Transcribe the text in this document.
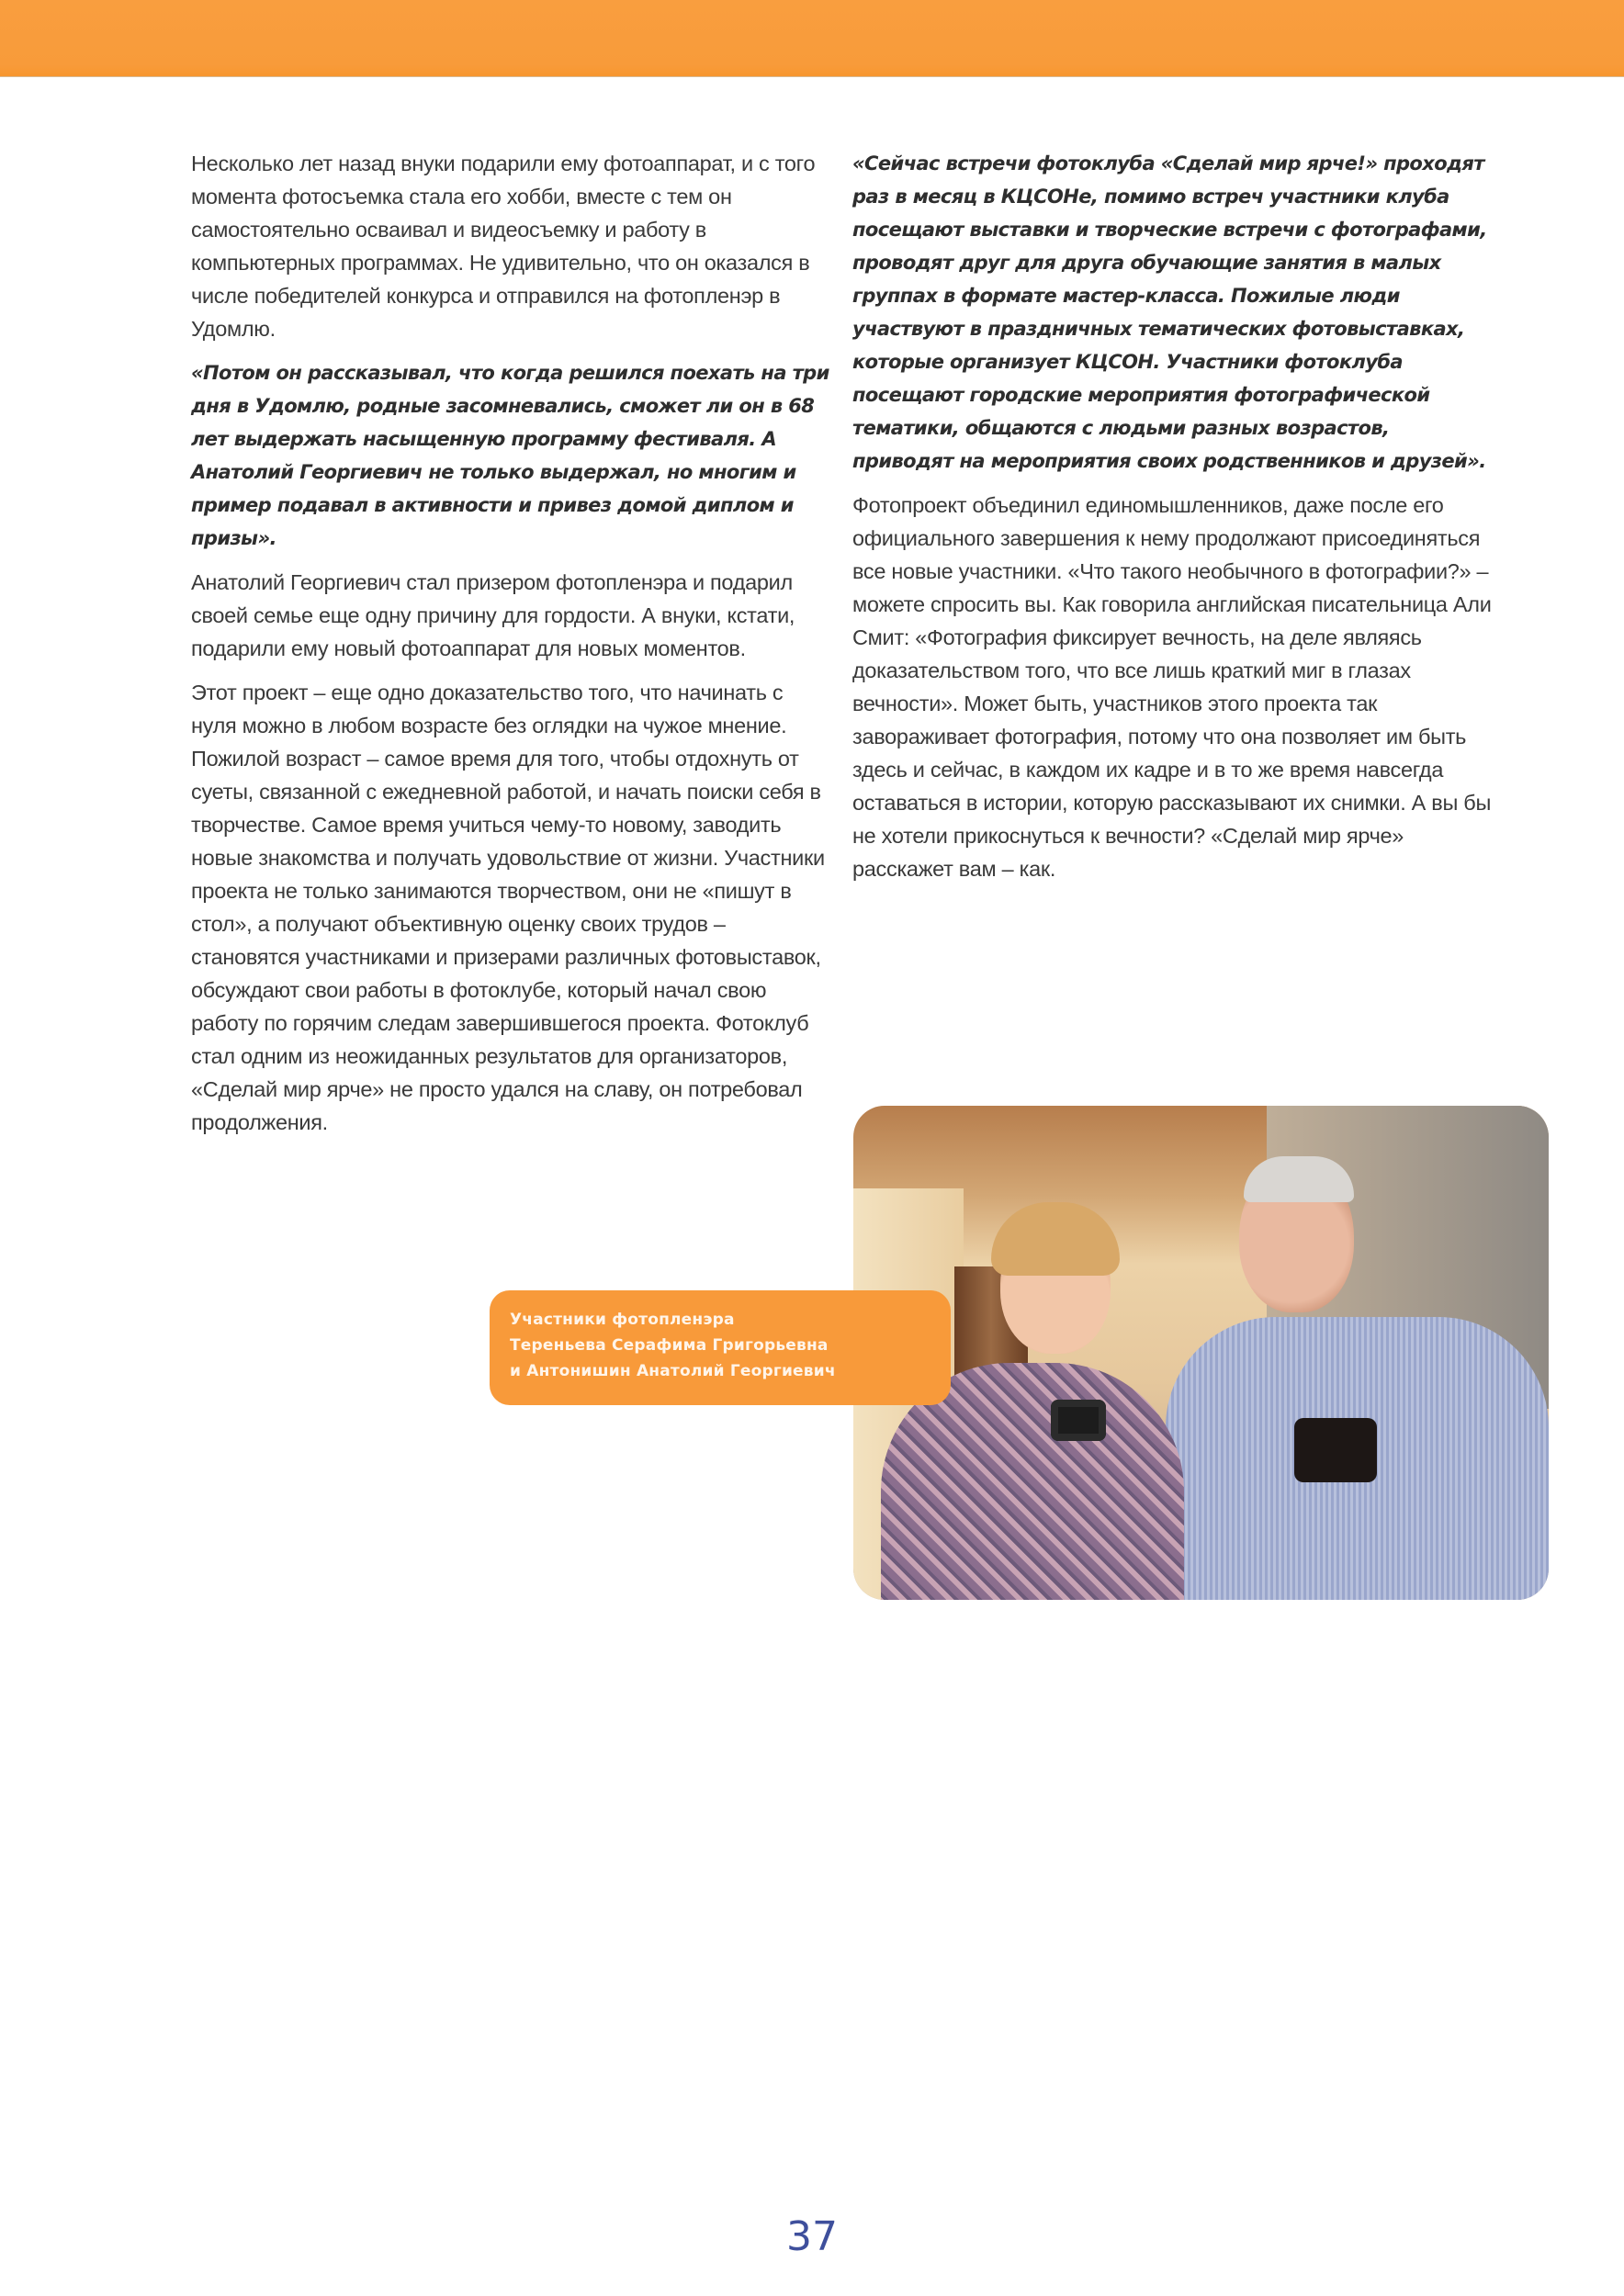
Несколько лет назад внуки подарили ему фотоаппарат, и с того момента фотосъемка стала его хобби, вместе с тем он самостоятельно осваивал и видеосъемку и работу в компьютерных программах. Не удивительно, что он оказался в числе победителей конкурса и отправился на фотопленэр в Удомлю.

«Потом он рассказывал, что когда решился поехать на три дня в Удомлю, родные засомневались, сможет ли он в 68 лет выдержать насыщенную программу фестиваля. А Анатолий Георгиевич не только выдержал, но многим и пример подавал в активности и привез домой диплом и призы».

Анатолий Георгиевич стал призером фотопленэра и подарил своей семье еще одну причину для гордости. А внуки, кстати, подарили ему новый фотоаппарат для новых моментов.

Этот проект – еще одно доказательство того, что начинать с нуля можно в любом возрасте без оглядки на чужое мнение. Пожилой возраст – самое время для того, чтобы отдохнуть от суеты, связанной с ежедневной работой, и начать поиски себя в творчестве. Самое время учиться чему-то новому, заводить новые знакомства и получать удовольствие от жизни. Участники проекта не только занимаются творчеством, они не «пишут в стол», а получают объективную оценку своих трудов – становятся участниками и призерами различных фотовыставок, обсуждают свои работы в фотоклубе, который начал свою работу по горячим следам завершившегося проекта. Фотоклуб стал одним из неожиданных результатов для организаторов, «Сделай мир ярче» не просто удался на славу, он потребовал продолжения.

«Сейчас встречи фотоклуба «Сделай мир ярче!» проходят раз в месяц в КЦСОНе, помимо встреч участники клуба посещают выставки и творческие встречи с фотографами, проводят друг для друга обучающие занятия в малых группах в формате мастер-класса. Пожилые люди участвуют в праздничных тематических фотовыставках, которые организует КЦСОН. Участники фотоклуба посещают городские мероприятия фотографической тематики, общаются с людьми разных возрастов, приводят на мероприятия своих родственников и друзей».

Фотопроект объединил единомышленников, даже после его официального завершения к нему продолжают присоединяться все новые участники. «Что такого необычного в фотографии?» – можете спросить вы. Как говорила английская писательница Али Смит: «Фотография фиксирует вечность, на деле являясь доказательством того, что все лишь краткий миг в глазах вечности». Может быть, участников этого проекта так завораживает фотография, потому что она позволяет им быть здесь и сейчас, в каждом их кадре и в то же время навсегда оставаться в истории, которую рассказывают их снимки. А вы бы не хотели прикоснуться к вечности? «Сделай мир ярче» расскажет вам – как.

Участники фотопленэра
Тереньева Серафима Григорьевна
и Антонишин Анатолий Георгиевич
37
